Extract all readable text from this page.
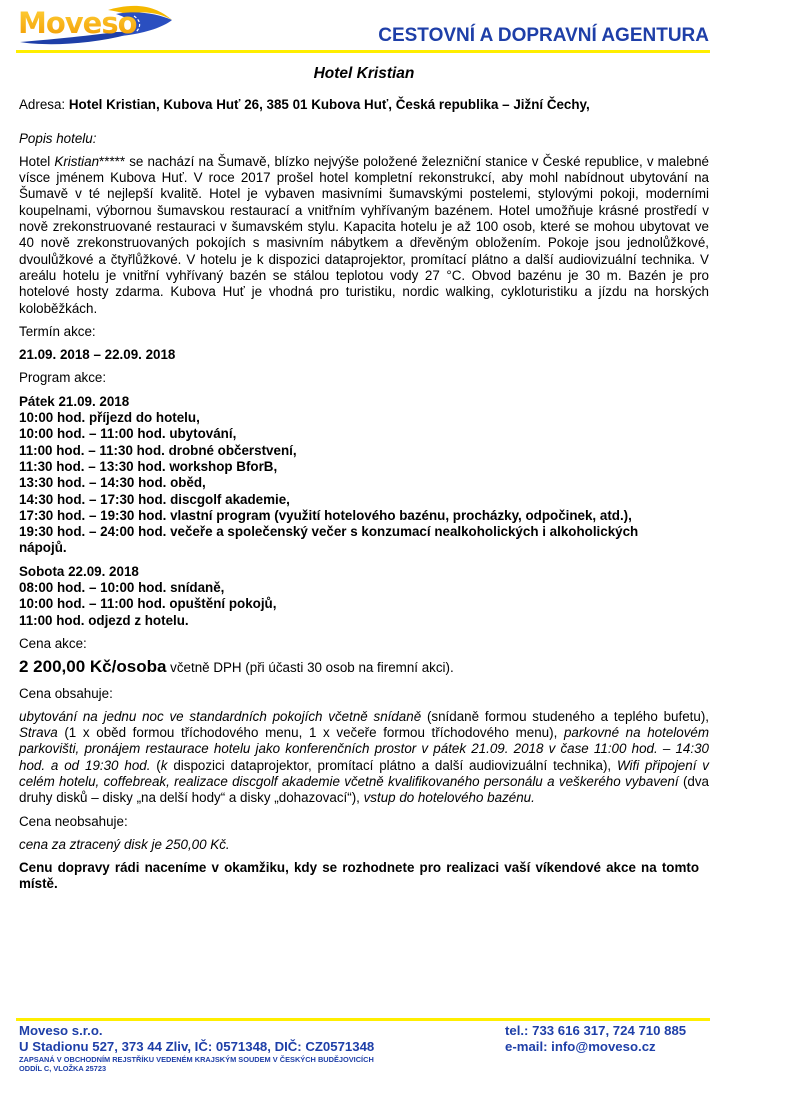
Moveso	CESTOVNÍ A DOPRAVNÍ AGENTURA
Hotel Kristian

Adresa: Hotel Kristian, Kubova Huť 26, 385 01 Kubova Huť, Česká republika – Jižní Čechy,

Popis hotelu:

Hotel Kristian***** se nachází na Šumavě, blízko nejvýše položené železniční stanice v České republice, v malebné vísce jménem Kubova Huť. V roce 2017 prošel hotel kompletní rekonstrukcí, aby mohl nabídnout ubytování na Šumavě v té nejlepší kvalitě. Hotel je vybaven masivními šumavskými postelemi, stylovými pokoji, moderními koupelnami, výbornou šumavskou restaurací a vnitřním vyhřívaným bazénem. Hotel umožňuje krásné prostředí v nově zrekonstruované restauraci v šumavském stylu. Kapacita hotelu je až 100 osob, které se mohou ubytovat ve 40 nově zrekonstruovaných pokojích s masivním nábytkem a dřevěným obložením. Pokoje jsou jednolůžkové, dvoulůžkové a čtyřlůžkové. V hotelu je k dispozici dataprojektor, promítací plátno a další audiovizuální technika. V areálu hotelu je vnitřní vyhřívaný bazén se stálou teplotou vody 27 °C. Obvod bazénu je 30 m. Bazén je pro hotelové hosty zdarma. Kubova Huť je vhodná pro turistiku, nordic walking, cykloturistiku a jízdu na horských koloběžkách.

Termín akce:

21.09. 2018 – 22.09. 2018

Program akce:

Pátek 21.09. 2018

10:00 hod. příjezd do hotelu,

10:00 hod. – 11:00 hod. ubytování,

11:00 hod. – 11:30 hod. drobné občerstvení,

11:30 hod. – 13:30 hod. workshop BforB,

13:30 hod. – 14:30 hod. oběd,

14:30 hod. – 17:30 hod. discgolf akademie,

17:30 hod. – 19:30 hod. vlastní program (využití hotelového bazénu, procházky, odpočinek, atd.),

19:30 hod. – 24:00 hod. večeře a společenský večer s konzumací nealkoholických i alkoholických nápojů.

Sobota 22.09. 2018

08:00 hod. – 10:00 hod. snídaně,

10:00 hod. – 11:00 hod. opuštění pokojů,

11:00 hod. odjezd z hotelu.

Cena akce:

2 200,00 Kč/osoba včetně DPH (při účasti 30 osob na firemní akci).

Cena obsahuje:

ubytování na jednu noc ve standardních pokojích včetně snídaně (snídaně formou studeného a teplého bufetu), Strava (1 x oběd formou tříchodového menu, 1 x večeře formou tříchodového menu), parkovné na hotelovém parkovišti, pronájem restaurace hotelu jako konferenčních prostor v pátek 21.09. 2018 v čase 11:00 hod. – 14:30 hod. a od 19:30 hod. (k dispozici dataprojektor, promítací plátno a další audiovizuální technika), Wifi připojení v celém hotelu, coffebreak, realizace discgolf akademie včetně kvalifikovaného personálu a veškerého vybavení (dva druhy disků – disky „na delší hody“ a disky „dohazovací“), vstup do hotelového bazénu.

Cena neobsahuje:

cena za ztracený disk je 250,00 Kč.

Cenu dopravy rádi naceníme v okamžiku, kdy se rozhodnete pro realizaci vaší víkendové akce na tomto místě.

Moveso s.r.o.
U Stadionu 527, 373 44 Zliv, IČ: 0571348, DIČ: CZ0571348
ZAPSANÁ V OBCHODNÍM REJSTŘÍKU VEDENÉM KRAJSKÝM SOUDEM V ČESKÝCH BUDĚJOVICÍCH
ODDÍL C, VLOŽKA 25723
tel.: 733 616 317, 724 710 885
e-mail: info@moveso.cz
